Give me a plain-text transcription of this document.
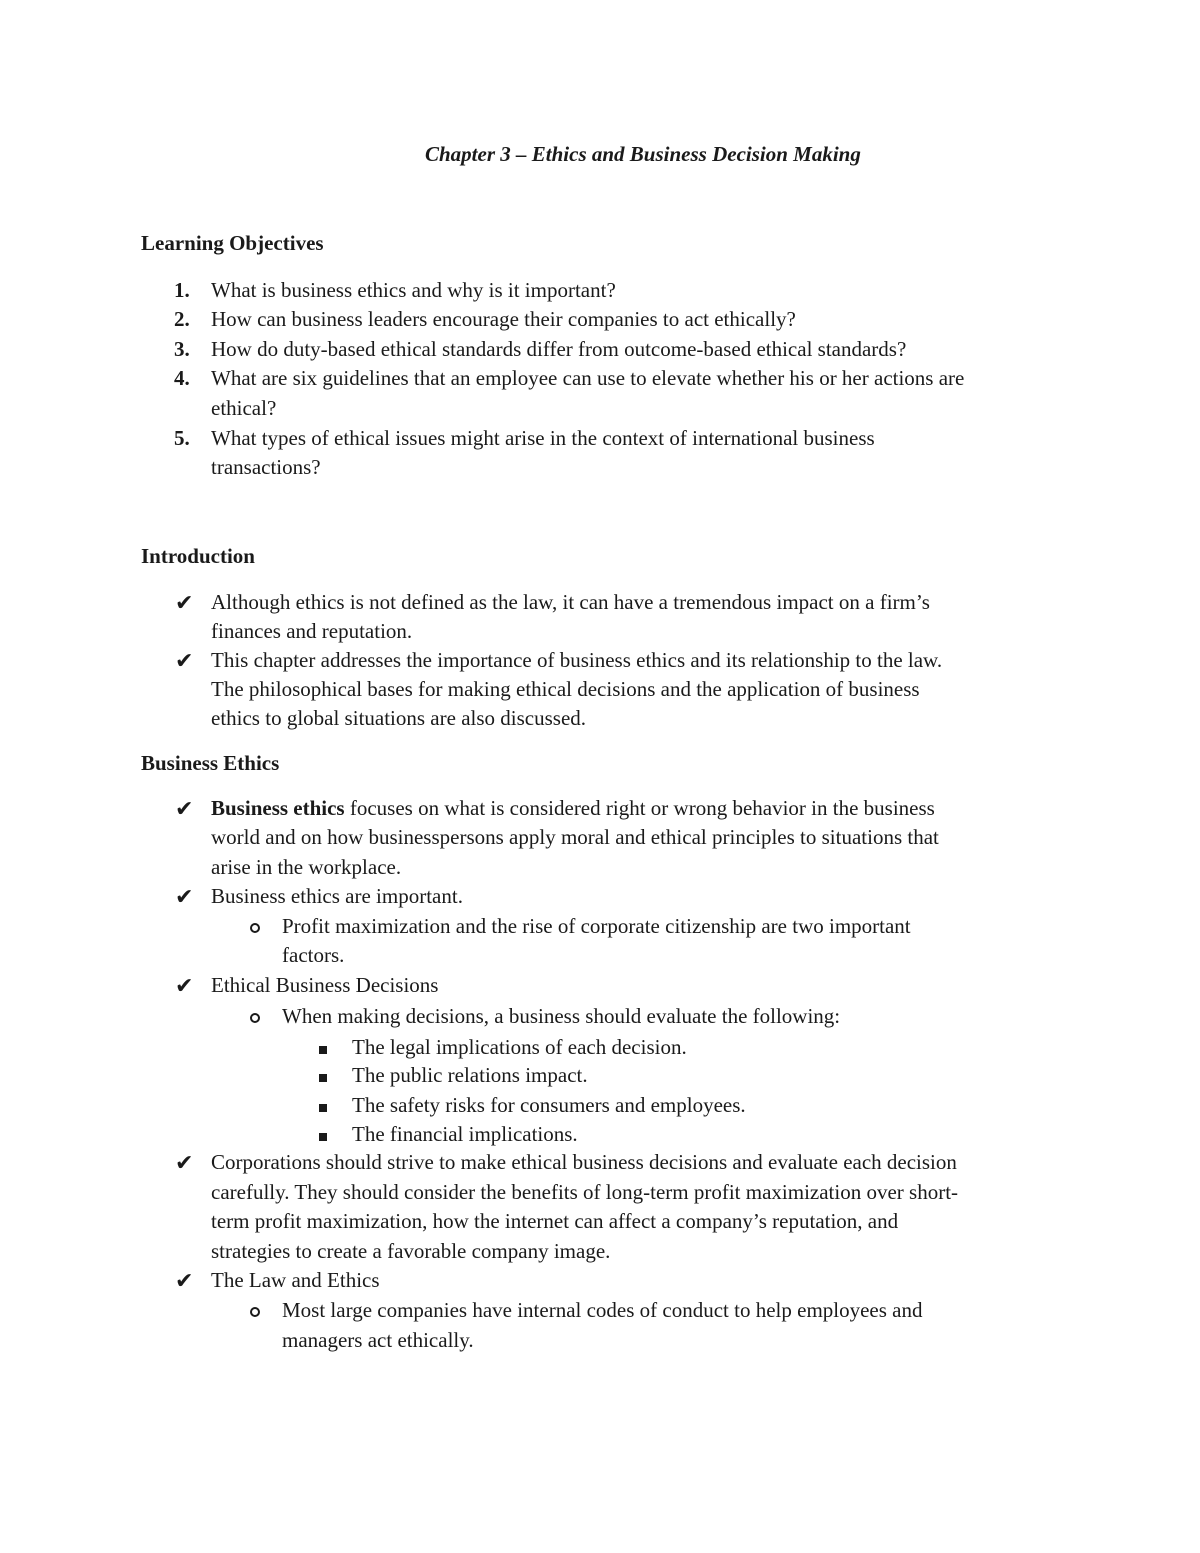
Chapter 3 – Ethics and Business Decision Making
Learning Objectives
1. What is business ethics and why is it important?
2. How can business leaders encourage their companies to act ethically?
3. How do duty-based ethical standards differ from outcome-based ethical standards?
4. What are six guidelines that an employee can use to elevate whether his or her actions are
ethical?
5. What types of ethical issues might arise in the context of international business
transactions?
Introduction
✔ Although ethics is not defined as the law, it can have a tremendous impact on a firm’s
finances and reputation.
✔ This chapter addresses the importance of business ethics and its relationship to the law.
The philosophical bases for making ethical decisions and the application of business
ethics to global situations are also discussed.
Business Ethics
✔ Business ethics focuses on what is considered right or wrong behavior in the business
world and on how businesspersons apply moral and ethical principles to situations that
arise in the workplace.
✔ Business ethics are important.
Profit maximization and the rise of corporate citizenship are two important
factors.
✔ Ethical Business Decisions
When making decisions, a business should evaluate the following:
The legal implications of each decision.
The public relations impact.
The safety risks for consumers and employees.
The financial implications.
✔ Corporations should strive to make ethical business decisions and evaluate each decision
carefully. They should consider the benefits of long-term profit maximization over short-
term profit maximization, how the internet can affect a company’s reputation, and
strategies to create a favorable company image.
✔ The Law and Ethics
Most large companies have internal codes of conduct to help employees and
managers act ethically.
